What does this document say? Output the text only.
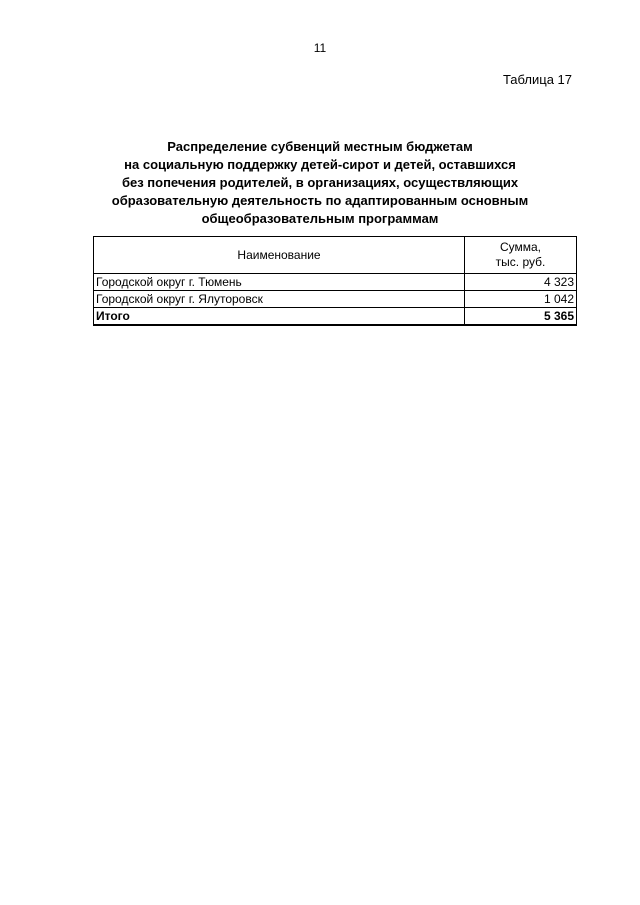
11
Таблица 17
Распределение субвенций местным бюджетам
на социальную поддержку детей-сирот и детей, оставшихся
без попечения родителей, в организациях, осуществляющих
образовательную деятельность по адаптированным основным
общеобразовательным программам
Наименование	Сумма,
тыс. руб.

Городской округ г. Тюмень	4 323
Городской округ г. Ялуторовск	1 042
Итого	5 365
